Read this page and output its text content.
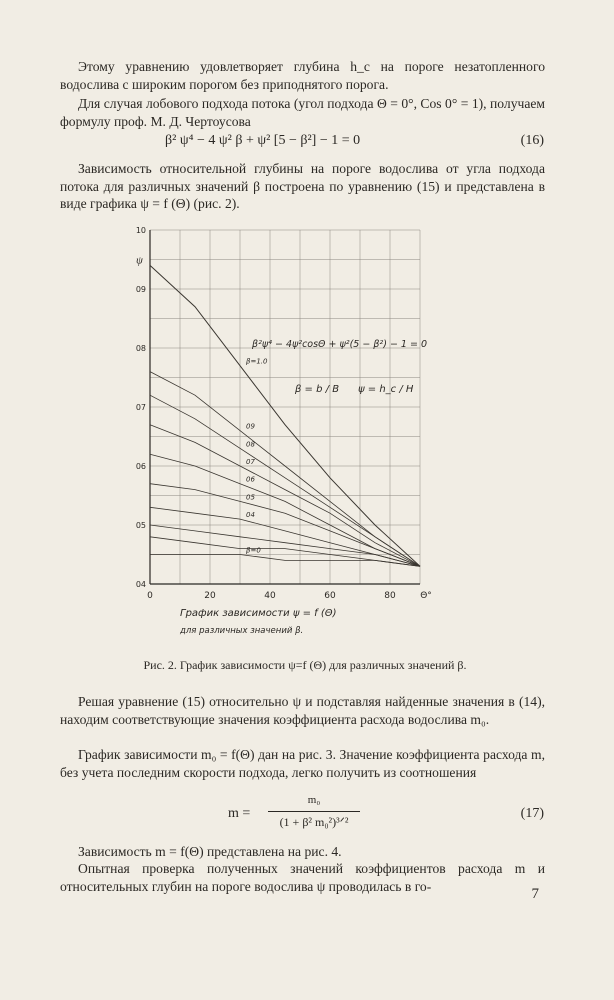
Этому уравнению удовлетворяет глубина h_c на пороге незатопленного водослива с широким порогом без приподнятого порога.

Для случая лобового подхода потока (угол подхода Θ = 0°, Cos 0° = 1), получаем формулу проф. М. Д. Чертоусова

β² ψ⁴ − 4 ψ² β + ψ² [5 − β²] − 1 = 0	(16)

Зависимость относительной глубины на пороге водослива от угла подхода потока для различных значений β построена по уравнению (15) и представлена в виде графика ψ = f (Θ) (рис. 2).

04
05
06
07
08
09
10
0	20	40	60	80	Θ°
ψ
β=1.0
09
08
07
06
05
04
β=0
β²ψ⁴ − 4ψ²cosΘ + ψ²(5 − β²) − 1 = 0
β = b / B ψ = h_c / H
График зависимости ψ = f (Θ)
для различных значений β.
Рис. 2. График зависимости ψ=f (Θ) для различных значений β.

Решая уравнение (15) относительно ψ и подставляя найденные значения в (14), находим соответствующие значения коэффициента расхода водослива m₀.

График зависимости m₀ = f(Θ) дан на рис. 3. Значение коэффициента расхода m, без учета последним скорости подхода, легко получить из соотношения

m =
m₀
(1 + β² m₀²)³ᐟ²
(17)

Зависимость m = f(Θ) представлена на рис. 4.

Опытная проверка полученных значений коэффициентов расхода m и относительных глубин на пороге водослива ψ проводилась в го-	7
